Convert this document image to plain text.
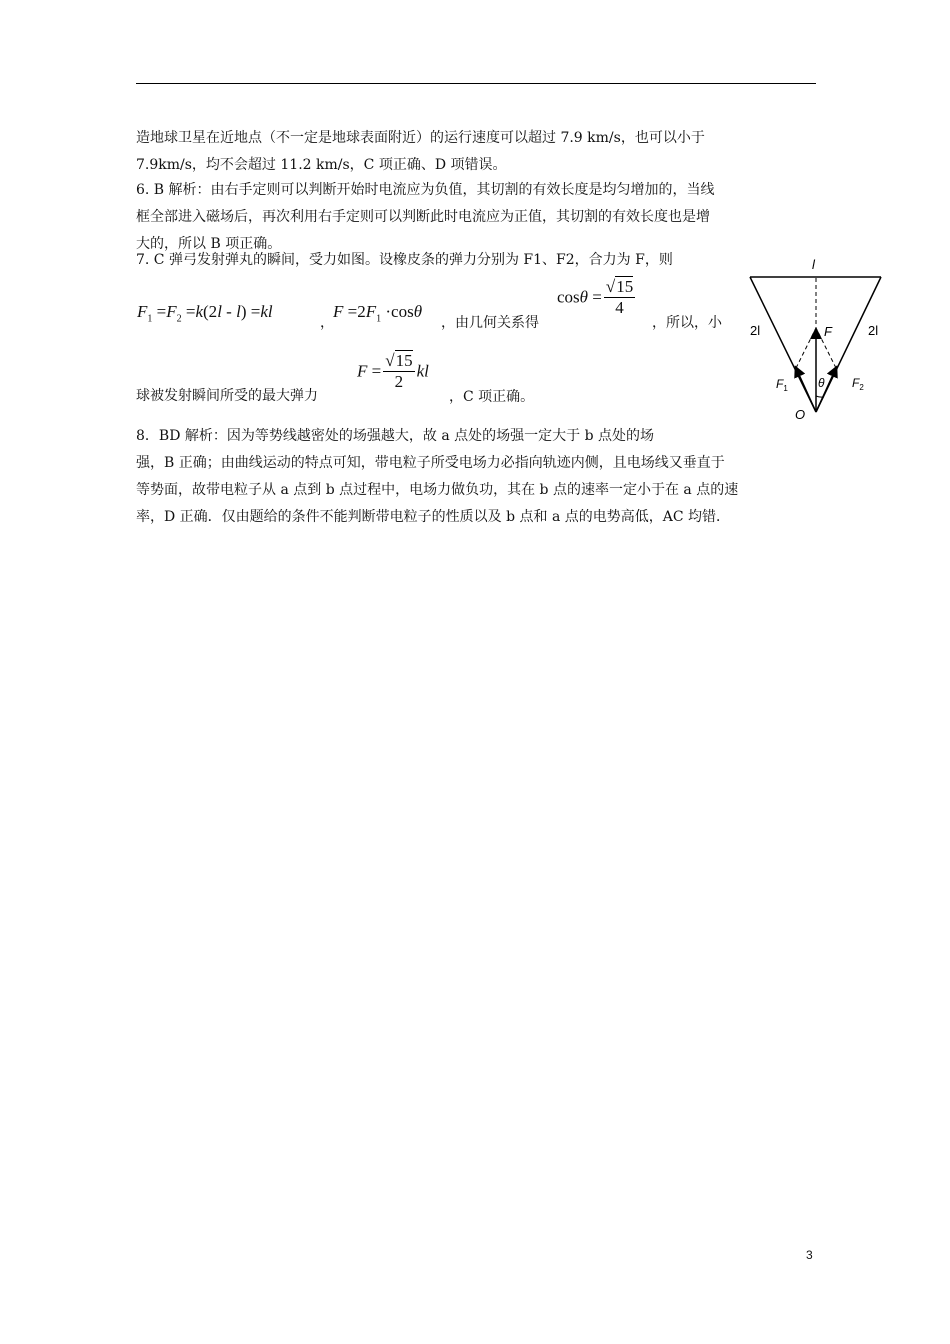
造地球卫星在近地点（不一定是地球表面附近）的运行速度可以超过 7.9 km/s，也可以小于
7.9km/s，均不会超过 11.2 km/s，C 项正确、D 项错误。
6. B 解析：由右手定则可以判断开始时电流应为负值，其切割的有效长度是均匀增加的，当线
框全部进入磁场后，再次利用右手定则可以判断此时电流应为正值，其切割的有效长度也是增
大的，所以 B 项正确。
7. C 弹弓发射弹丸的瞬间，受力如图。设橡皮条的弹力分别为 F1、F2，合力为 F，则
$F_1 =F_2 =k(2l - l) =kl$
，
$F =2F_1 \cdot\cos\theta$
，由几何关系得
$\cos\theta = \frac{√15}{4}$
，所以，小
球被发射瞬间所受的最大弹力
$F = \frac{√15}{2}$ kl
，C 项正确。
l
2l	2l
F
$F_1$	$F_2$
θ
O
8．BD 解析：因为等势线越密处的场强越大，故 a 点处的场强一定大于 b 点处的场
强，B 正确；由曲线运动的特点可知，带电粒子所受电场力必指向轨迹内侧，且电场线又垂直于
等势面，故带电粒子从 a 点到 b 点过程中，电场力做负功，其在 b 点的速率一定小于在 a 点的速
率，D 正确．仅由题给的条件不能判断带电粒子的性质以及 b 点和 a 点的电势高低，AC 均错．
3
